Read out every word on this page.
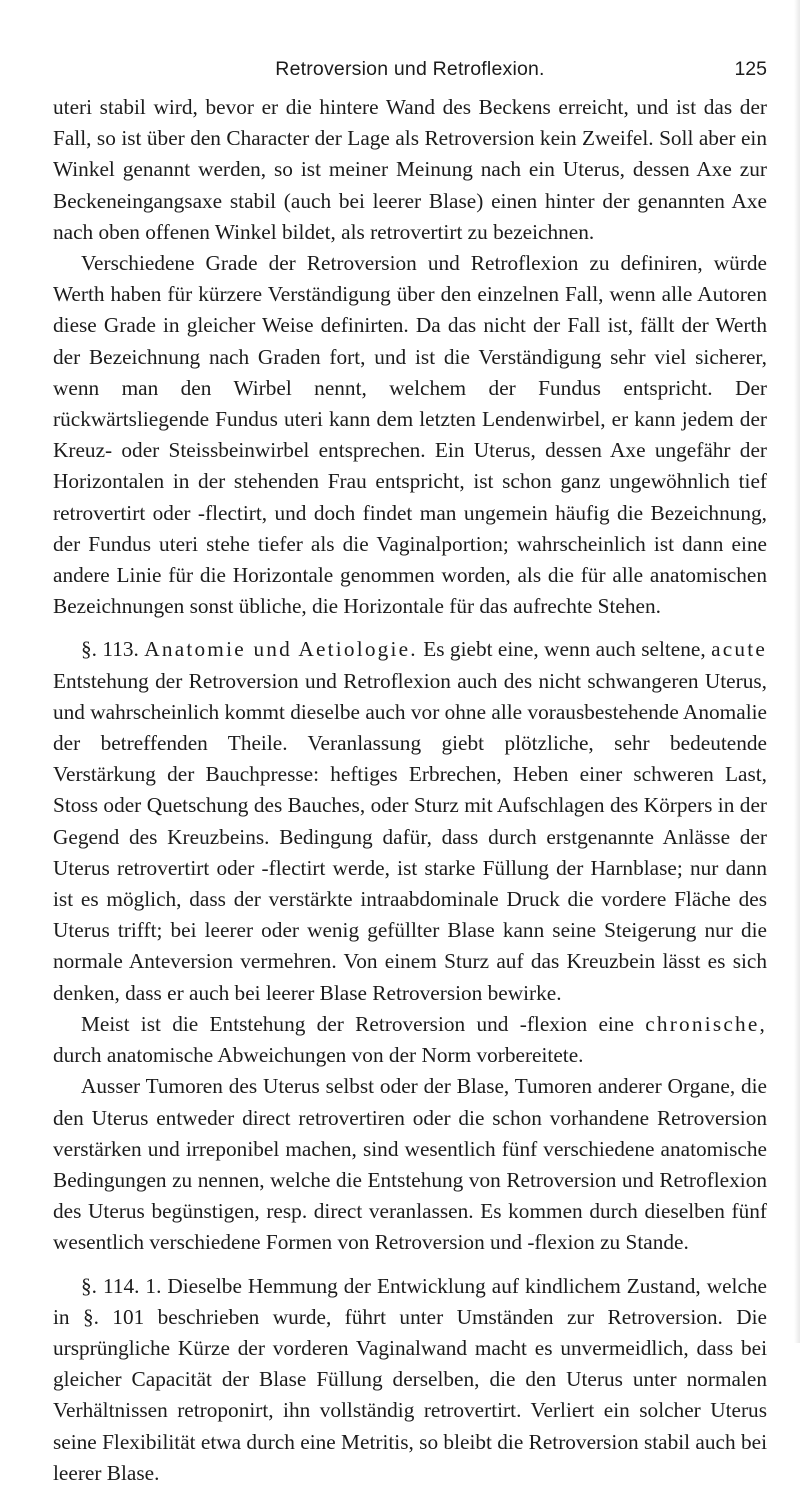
Retroversion und Retroflexion.	125

uteri stabil wird, bevor er die hintere Wand des Beckens erreicht, und ist das der Fall, so ist über den Character der Lage als Retroversion kein Zweifel. Soll aber ein Winkel genannt werden, so ist meiner Meinung nach ein Uterus, dessen Axe zur Beckeneingangsaxe stabil (auch bei leerer Blase) einen hinter der genannten Axe nach oben offenen Winkel bildet, als retrovertirt zu bezeichnen.

Verschiedene Grade der Retroversion und Retroflexion zu definiren, würde Werth haben für kürzere Verständigung über den einzelnen Fall, wenn alle Autoren diese Grade in gleicher Weise definirten. Da das nicht der Fall ist, fällt der Werth der Bezeichnung nach Graden fort, und ist die Verständigung sehr viel sicherer, wenn man den Wirbel nennt, welchem der Fundus entspricht. Der rückwärtsliegende Fundus uteri kann dem letzten Lendenwirbel, er kann jedem der Kreuz- oder Steissbeinwirbel entsprechen. Ein Uterus, dessen Axe ungefähr der Horizontalen in der stehenden Frau entspricht, ist schon ganz ungewöhnlich tief retrovertirt oder -flectirt, und doch findet man ungemein häufig die Bezeichnung, der Fundus uteri stehe tiefer als die Vaginalportion; wahrscheinlich ist dann eine andere Linie für die Horizontale genommen worden, als die für alle anatomischen Bezeichnungen sonst übliche, die Horizontale für das aufrechte Stehen.

§. 113. Anatomie und Aetiologie. Es giebt eine, wenn auch seltene, acute Entstehung der Retroversion und Retroflexion auch des nicht schwangeren Uterus, und wahrscheinlich kommt dieselbe auch vor ohne alle vorausbestehende Anomalie der betreffenden Theile. Veranlassung giebt plötzliche, sehr bedeutende Verstärkung der Bauchpresse: heftiges Erbrechen, Heben einer schweren Last, Stoss oder Quetschung des Bauches, oder Sturz mit Aufschlagen des Körpers in der Gegend des Kreuzbeins. Bedingung dafür, dass durch erstgenannte Anlässe der Uterus retrovertirt oder -flectirt werde, ist starke Füllung der Harnblase; nur dann ist es möglich, dass der verstärkte intraabdominale Druck die vordere Fläche des Uterus trifft; bei leerer oder wenig gefüllter Blase kann seine Steigerung nur die normale Anteversion vermehren. Von einem Sturz auf das Kreuzbein lässt es sich denken, dass er auch bei leerer Blase Retroversion bewirke.

Meist ist die Entstehung der Retroversion und -flexion eine chronische, durch anatomische Abweichungen von der Norm vorbereitete.

Ausser Tumoren des Uterus selbst oder der Blase, Tumoren anderer Organe, die den Uterus entweder direct retrovertiren oder die schon vorhandene Retroversion verstärken und irreponibel machen, sind wesentlich fünf verschiedene anatomische Bedingungen zu nennen, welche die Entstehung von Retroversion und Retroflexion des Uterus begünstigen, resp. direct veranlassen. Es kommen durch dieselben fünf wesentlich verschiedene Formen von Retroversion und -flexion zu Stande.

§. 114. 1. Dieselbe Hemmung der Entwicklung auf kindlichem Zustand, welche in §. 101 beschrieben wurde, führt unter Umständen zur Retroversion. Die ursprüngliche Kürze der vorderen Vaginalwand macht es unvermeidlich, dass bei gleicher Capacität der Blase Füllung derselben, die den Uterus unter normalen Verhältnissen retroponirt, ihn vollständig retrovertirt. Verliert ein solcher Uterus seine Flexibilität etwa durch eine Metritis, so bleibt die Retroversion stabil auch bei leerer Blase.
